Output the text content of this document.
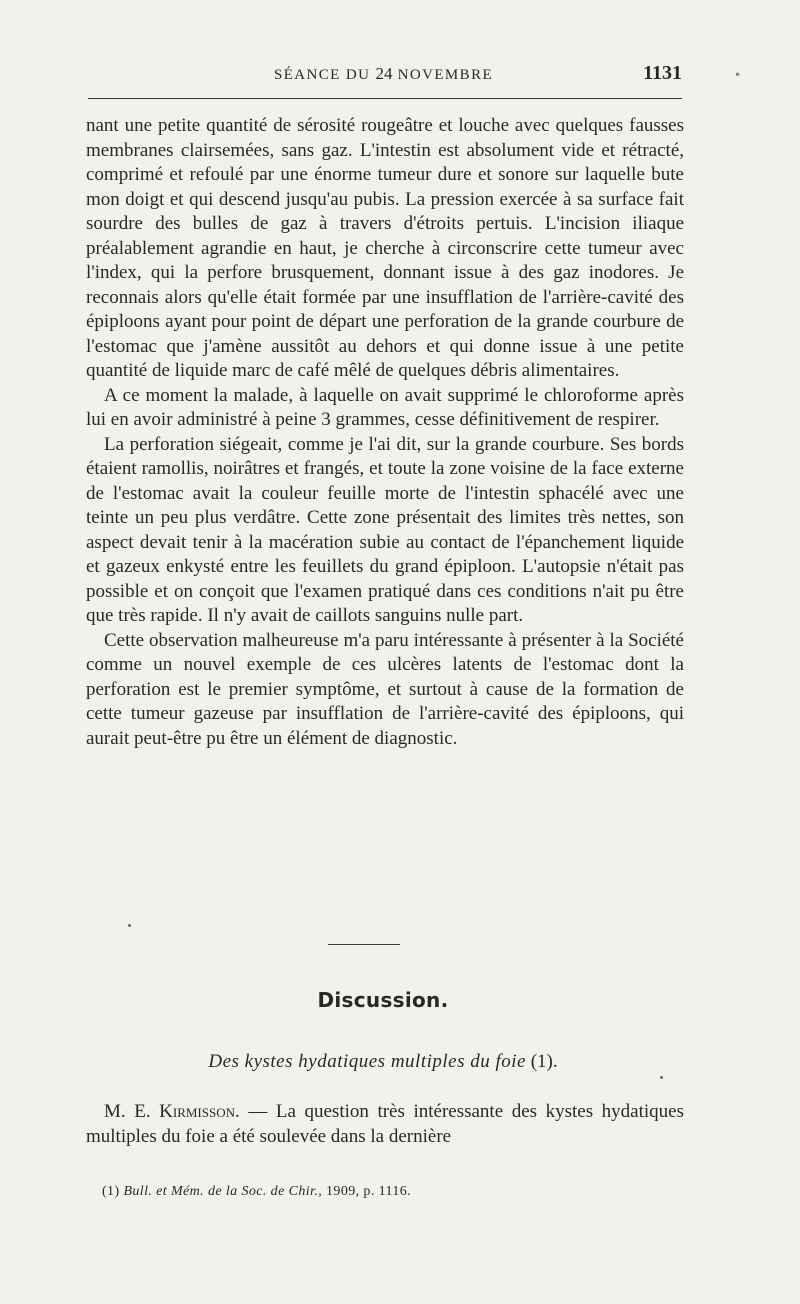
SÉANCE DU 24 NOVEMBRE	1131	•

nant une petite quantité de sérosité rougeâtre et louche avec quelques fausses membranes clairsemées, sans gaz. L'intestin est absolument vide et rétracté, comprimé et refoulé par une énorme tumeur dure et sonore sur laquelle bute mon doigt et qui descend jusqu'au pubis. La pression exercée à sa surface fait sourdre des bulles de gaz à travers d'étroits pertuis. L'incision iliaque préalablement agrandie en haut, je cherche à circonscrire cette tumeur avec l'index, qui la perfore brusquement, donnant issue à des gaz inodores. Je reconnais alors qu'elle était formée par une insufflation de l'arrière-cavité des épiploons ayant pour point de départ une perforation de la grande courbure de l'estomac que j'amène aussitôt au dehors et qui donne issue à une petite quantité de liquide marc de café mêlé de quelques débris alimentaires.

A ce moment la malade, à laquelle on avait supprimé le chloroforme après lui en avoir administré à peine 3 grammes, cesse définitivement de respirer.

La perforation siégeait, comme je l'ai dit, sur la grande courbure. Ses bords étaient ramollis, noirâtres et frangés, et toute la zone voisine de la face externe de l'estomac avait la couleur feuille morte de l'intestin sphacélé avec une teinte un peu plus verdâtre. Cette zone présentait des limites très nettes, son aspect devait tenir à la macération subie au contact de l'épanchement liquide et gazeux enkysté entre les feuillets du grand épiploon. L'autopsie n'était pas possible et on conçoit que l'examen pratiqué dans ces conditions n'ait pu être que très rapide. Il n'y avait de caillots sanguins nulle part.

Cette observation malheureuse m'a paru intéressante à présenter à la Société comme un nouvel exemple de ces ulcères latents de l'estomac dont la perforation est le premier symptôme, et surtout à cause de la formation de cette tumeur gazeuse par insufflation de l'arrière-cavité des épiploons, qui aurait peut-être pu être un élément de diagnostic.

Discussion.
Des kystes hydatiques multiples du foie (1).
M. E. Kirmisson. — La question très intéressante des kystes hydatiques multiples du foie a été soulevée dans la dernière
(1) Bull. et Mém. de la Soc. de Chir., 1909, p. 1116.
